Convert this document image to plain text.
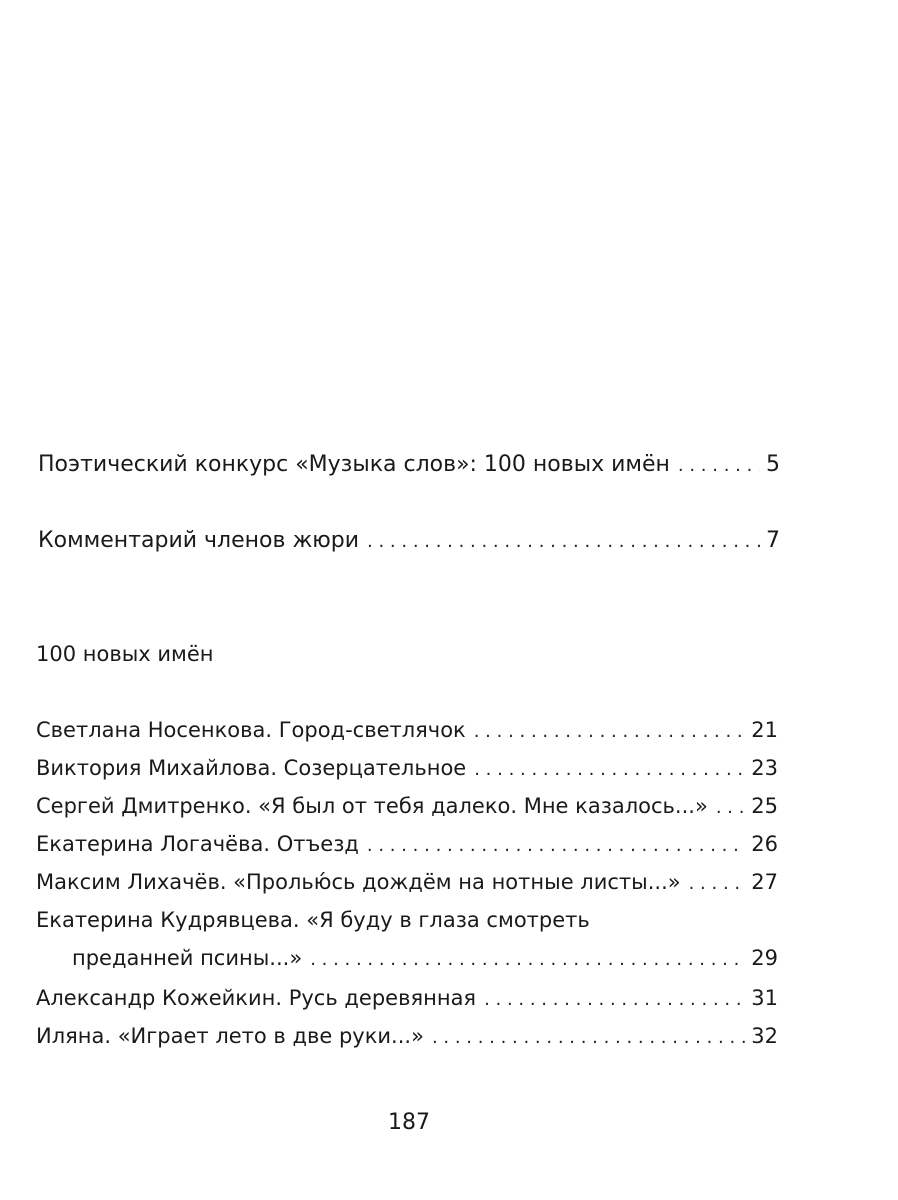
Поэтический конкурс «Музыка слов»: 100 новых имён . . .	5
Комментарий членов жюри . . .	7
100 новых имён
Светлана Носенкова. Город-светлячок . . .	21
Виктория Михайлова. Созерцательное . . .	23
Сергей Дмитренко. «Я был от тебя далеко. Мне казалось...» . . . 25
Екатерина Логачёва. Отъезд . . .	26
Максим Лихачёв. «Пролью́сь дождём на нотные листы...» . . .	27
Екатерина Кудрявцева. «Я буду в глаза смотреть
преданней псины...» . . .	29
Александр Кожейкин. Русь деревянная . . .	31
Иляна. «Играет лето в две руки...» . . .	32
187
